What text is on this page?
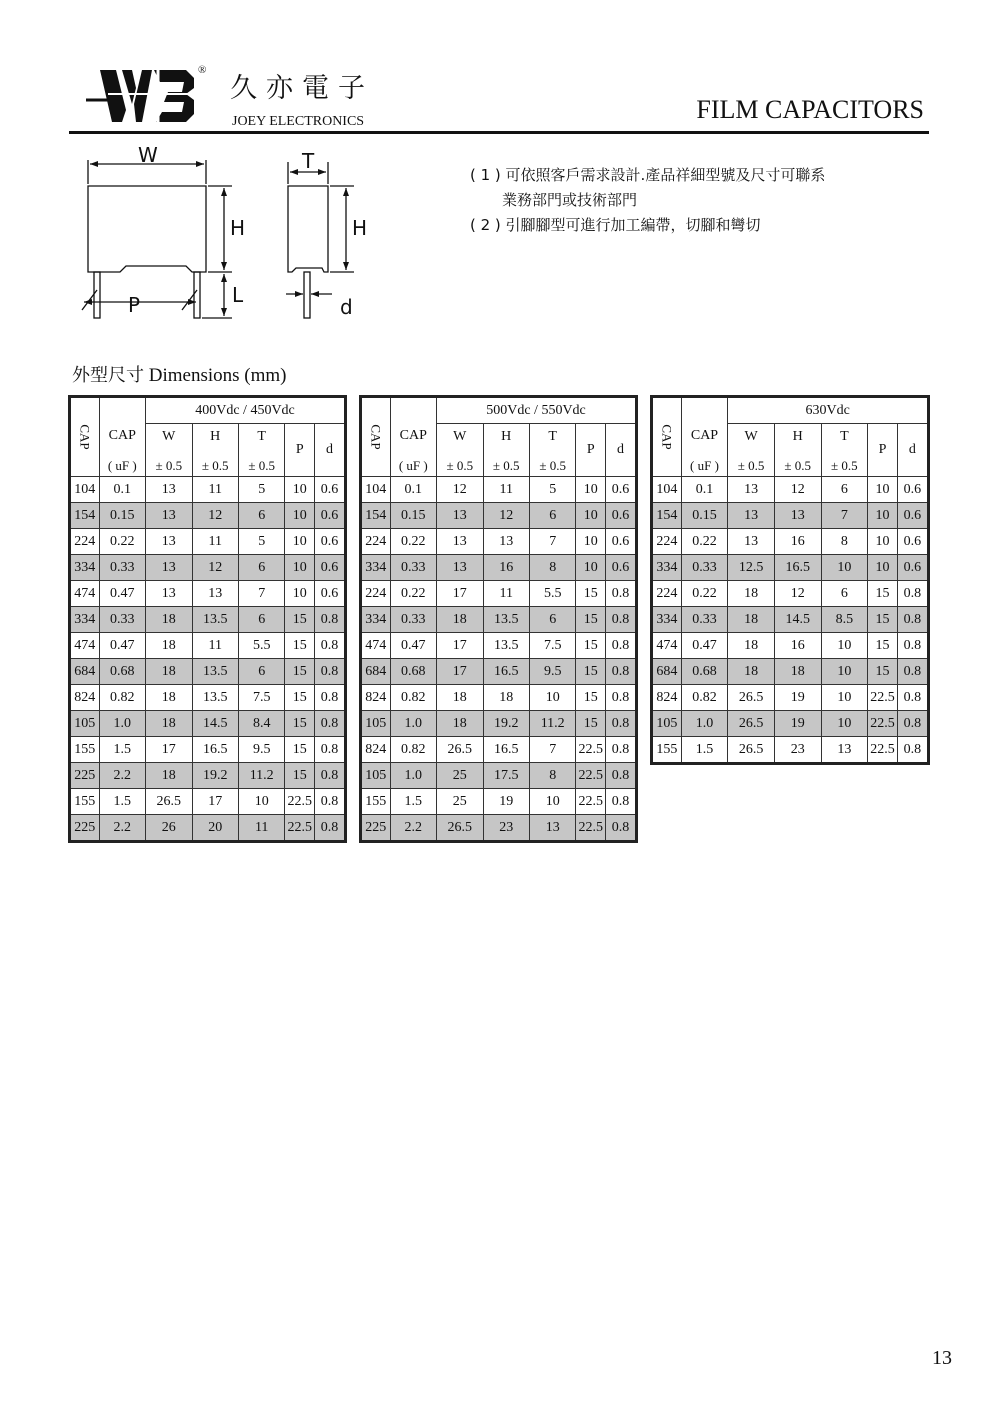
®
久亦電子
JOEY ELECTRONICS	FILM CAPACITORS
W
H
L
P
T
H
d
( 1 ) 可依照客戶需求設計.產品祥細型號及尺寸可聯系
業務部門或技術部門
( 2 ) 引腳腳型可進行加工編帶，切腳和彎切
外型尺寸 Dimensions (mm)
CAP		400Vdc / 450Vdc				
	CAP	W	H	T	P	d
	( uF )	± 0.5	± 0.5	± 0.5		
104	0.1	13	11	5	10	0.6
154	0.15	13	12	6	10	0.6
224	0.22	13	11	5	10	0.6
334	0.33	13	12	6	10	0.6
474	0.47	13	13	7	10	0.6
334	0.33	18	13.5	6	15	0.8
474	0.47	18	11	5.5	15	0.8
684	0.68	18	13.5	6	15	0.8
824	0.82	18	13.5	7.5	15	0.8
105	1.0	18	14.5	8.4	15	0.8
155	1.5	17	16.5	9.5	15	0.8
225	2.2	18	19.2	11.2	15	0.8
155	1.5	26.5	17	10	22.5	0.8
225	2.2	26	20	11	22.5	0.8
CAP		500Vdc / 550Vdc				
	CAP	W	H	T	P	d
	( uF )	± 0.5	± 0.5	± 0.5		
104	0.1	12	11	5	10	0.6
154	0.15	13	12	6	10	0.6
224	0.22	13	13	7	10	0.6
334	0.33	13	16	8	10	0.6
224	0.22	17	11	5.5	15	0.8
334	0.33	18	13.5	6	15	0.8
474	0.47	17	13.5	7.5	15	0.8
684	0.68	17	16.5	9.5	15	0.8
824	0.82	18	18	10	15	0.8
105	1.0	18	19.2	11.2	15	0.8
824	0.82	26.5	16.5	7	22.5	0.8
105	1.0	25	17.5	8	22.5	0.8
155	1.5	25	19	10	22.5	0.8
225	2.2	26.5	23	13	22.5	0.8
CAP		630Vdc				
	CAP	W	H	T	P	d
	( uF )	± 0.5	± 0.5	± 0.5		
104	0.1	13	12	6	10	0.6
154	0.15	13	13	7	10	0.6
224	0.22	13	16	8	10	0.6
334	0.33	12.5	16.5	10	10	0.6
224	0.22	18	12	6	15	0.8
334	0.33	18	14.5	8.5	15	0.8
474	0.47	18	16	10	15	0.8
684	0.68	18	18	10	15	0.8
824	0.82	26.5	19	10	22.5	0.8
105	1.0	26.5	19	10	22.5	0.8
155	1.5	26.5	23	13	22.5	0.8
13
